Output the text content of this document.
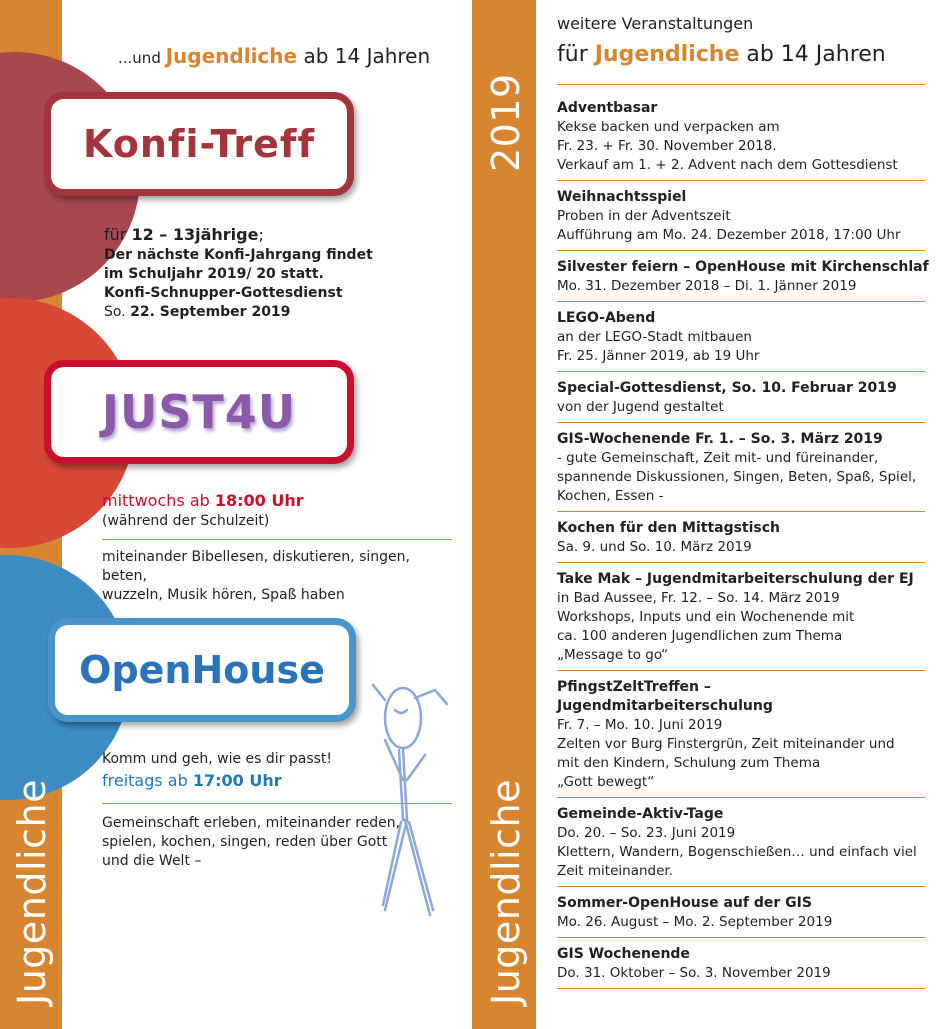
Jugendliche
...und Jugendliche ab 14 Jahren
Konfi-Treff
für 12 – 13jährige;
Der nächste Konfi-Jahrgang findet
im Schuljahr 2019/ 20 statt.
Konfi-Schnupper-Gottesdienst
So. 22. September 2019
JUST4U
mittwochs ab 18:00 Uhr
(während der Schulzeit)
miteinander Bibellesen, diskutieren, singen, beten,
wuzzeln, Musik hören, Spaß haben
OpenHouse
Komm und geh, wie es dir passt!
freitags ab 17:00 Uhr
Gemeinschaft erleben, miteinander reden,
spielen, kochen, singen, reden über Gott
und die Welt –
2019
Jugendliche
weitere Veranstaltungen
für Jugendliche ab 14 Jahren
Adventbasar
Kekse backen und verpacken am
Fr. 23. + Fr. 30. November 2018.
Verkauf am 1. + 2. Advent nach dem Gottesdienst
Weihnachtsspiel
Proben in der Adventszeit
Aufführung am Mo. 24. Dezember 2018, 17:00 Uhr
Silvester feiern – OpenHouse mit Kirchenschlaf
Mo. 31. Dezember 2018 – Di. 1. Jänner 2019
LEGO-Abend
an der LEGO-Stadt mitbauen
Fr. 25. Jänner 2019, ab 19 Uhr
Special-Gottesdienst, So. 10. Februar 2019
von der Jugend gestaltet
GIS-Wochenende Fr. 1. – So. 3. März 2019
- gute Gemeinschaft, Zeit mit- und füreinander,
spannende Diskussionen, Singen, Beten, Spaß, Spiel,
Kochen, Essen -
Kochen für den Mittagstisch
Sa. 9. und So. 10. März 2019
Take Mak – Jugendmitarbeiterschulung der EJ
in Bad Aussee, Fr. 12. – So. 14. März 2019
Workshops, Inputs und ein Wochenende mit
ca. 100 anderen Jugendlichen zum Thema
„Message to go“
PfingstZeltTreffen – Jugendmitarbeiterschulung
Fr. 7. – Mo. 10. Juni 2019
Zelten vor Burg Finstergrün, Zeit miteinander und
mit den Kindern, Schulung zum Thema
„Gott bewegt“
Gemeinde-Aktiv-Tage
Do. 20. – So. 23. Juni 2019
Klettern, Wandern, Bogenschießen… und einfach viel
Zeit miteinander.
Sommer-OpenHouse auf der GIS
Mo. 26. August – Mo. 2. September 2019
GIS Wochenende
Do. 31. Oktober – So. 3. November 2019
